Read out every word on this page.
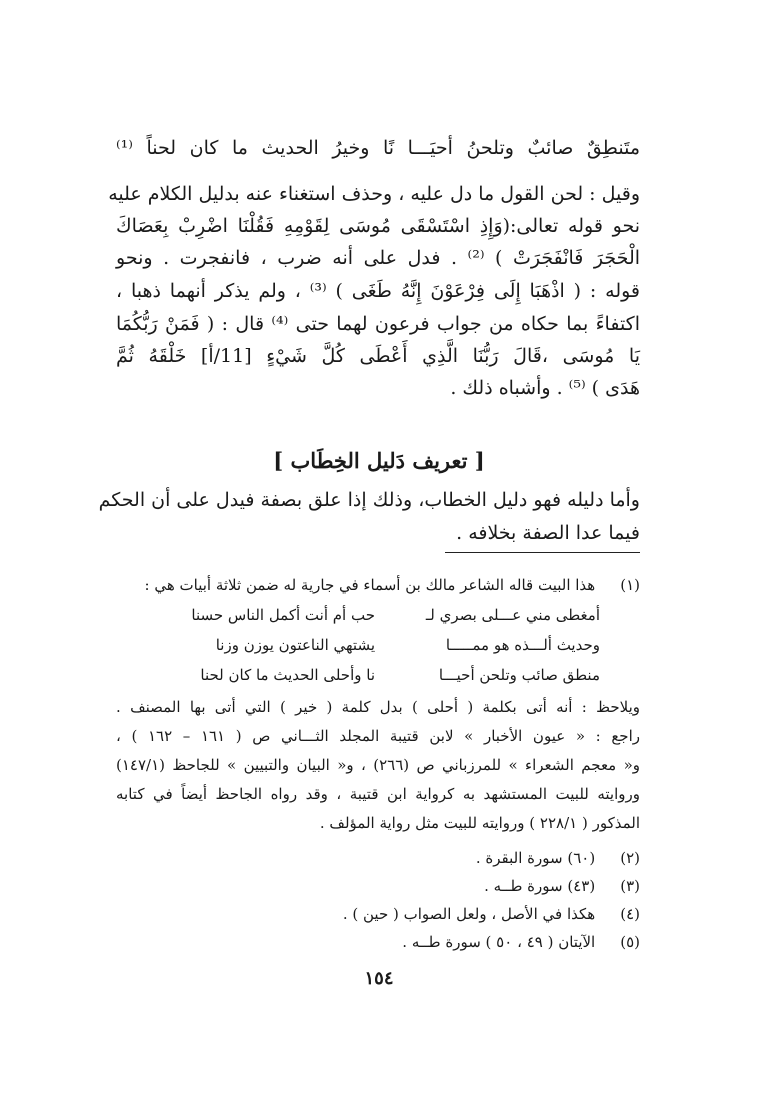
متَنطِقٌ صائبٌ وتلحنُ أحيَـــا نًا وخيرُ الحديث ما كان لحناً ⁽¹⁾
وقيل : لحن القول ما دل عليه ، وحذف استغناء عنه بدليل الكلام عليه
نحو قوله تعالى:(وَإِذِ اسْتَسْقَى مُوسَى لِقَوْمِهِ فَقُلْنَا اضْرِبْ بِعَصَاكَ
الْحَجَرَ فَانْفَجَرَتْ ) ⁽²⁾ . فدل على أنه ضرب ، فانفجرت . ونحو
قوله : ( اذْهَبَا إِلَى فِرْعَوْنَ إِنَّهُ طَغَى ) ⁽³⁾ ، ولم يذكر أنهما ذهبا ،
اكتفاءً بما حكاه من جواب فرعون لهما حتى ⁽⁴⁾ قال : ( فَمَنْ رَبُّكُمَا
يَا مُوسَى ،قَالَ رَبُّنَا الَّذِي أَعْطَى كُلَّ شَيْءٍ [11/أ] خَلْقَهُ ثُمَّ
هَدَى ) ⁽⁵⁾ . وأشباه ذلك .
[ تعريف دَليل الخِطَاب ]
وأما دليله فهو دليل الخطاب، وذلك إذا علق بصفة فيدل على أن الحكم
فيما عدا الصفة بخلافه .
(١) هذا البيت قاله الشاعر مالك بن أسماء في جارية له ضمن ثلاثة أبيات هي :
أمغطى مني عـــلى بصري لـ
حب أم أنت أكمل الناس حسنا
وحديث ألـــذه هو ممـــــا
يشتهي الناعتون يوزن وزنا
منطق صائب وتلحن أحيـــا
نا وأحلى الحديث ما كان لحنا
ويلاحظ : أنه أتى بكلمة ( أحلى ) بدل كلمة ( خير ) التي أتى بها المصنف .
راجع : « عيون الأخبار » لابن قتيبة المجلد الثـــاني ص ( ١٦١ – ١٦٢ ) ،
و« معجم الشعراء » للمرزباني ص (٢٦٦) ، و« البيان والتبيين » للجاحظ (١٤٧/١)
وروايته للبيت المستشهد به كرواية ابن قتيبة ، وقد رواه الجاحظ أيضاً في كتابه
المذكور ( ٢٢٨/١ ) وروايته للبيت مثل رواية المؤلف .
(٢) (٦٠) سورة البقرة .
(٣) (٤٣) سورة طــه .
(٤) هكذا في الأصل ، ولعل الصواب ( حين ) .
(٥) الآيتان ( ٤٩ ، ٥٠ ) سورة طــه .
١٥٤
